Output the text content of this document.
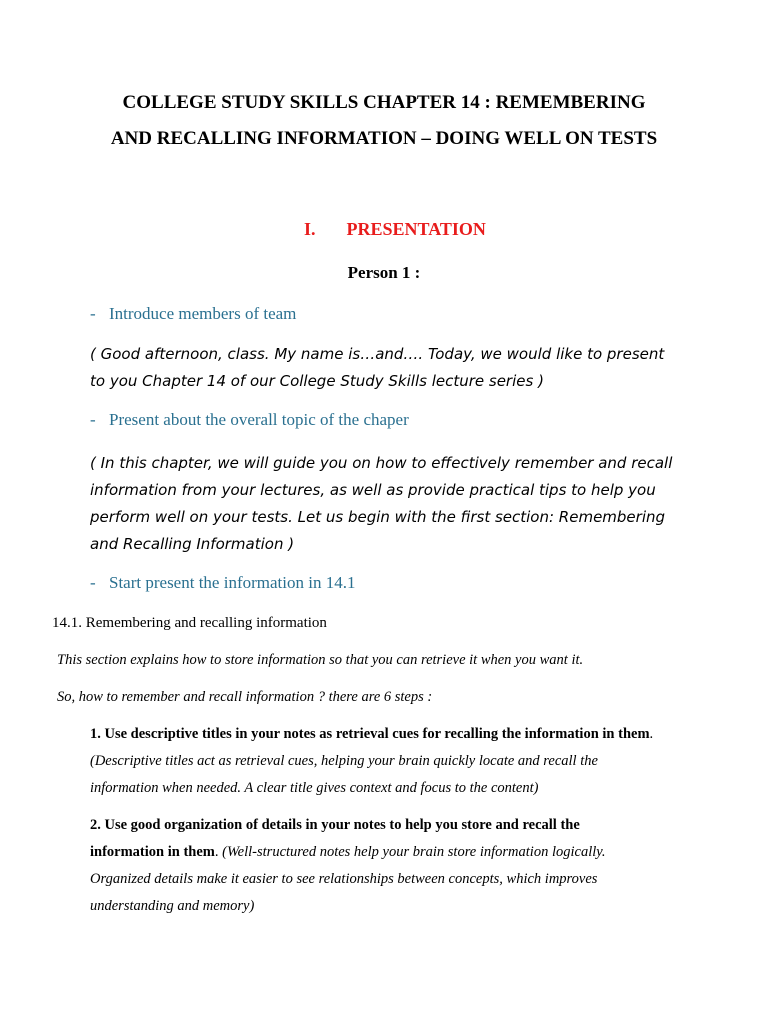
COLLEGE STUDY SKILLS CHAPTER 14 : REMEMBERING
AND RECALLING INFORMATION – DOING WELL ON TESTS
I. PRESENTATION
Person 1 :
- Introduce members of team
( Good afternoon, class. My name is…and…. Today, we would like to present
to you Chapter 14 of our College Study Skills lecture series )
- Present about the overall topic of the chaper
( In this chapter, we will guide you on how to effectively remember and recall
information from your lectures, as well as provide practical tips to help you
perform well on your tests. Let us begin with the first section: Remembering
and Recalling Information )
- Start present the information in 14.1
14.1. Remembering and recalling information
This section explains how to store information so that you can retrieve it when you want it.
So, how to remember and recall information ? there are 6 steps :
1. Use descriptive titles in your notes as retrieval cues for recalling the information in them.
(Descriptive titles act as retrieval cues, helping your brain quickly locate and recall the
information when needed. A clear title gives context and focus to the content)
2. Use good organization of details in your notes to help you store and recall the
information in them. (Well-structured notes help your brain store information logically.
Organized details make it easier to see relationships between concepts, which improves
understanding and memory)
